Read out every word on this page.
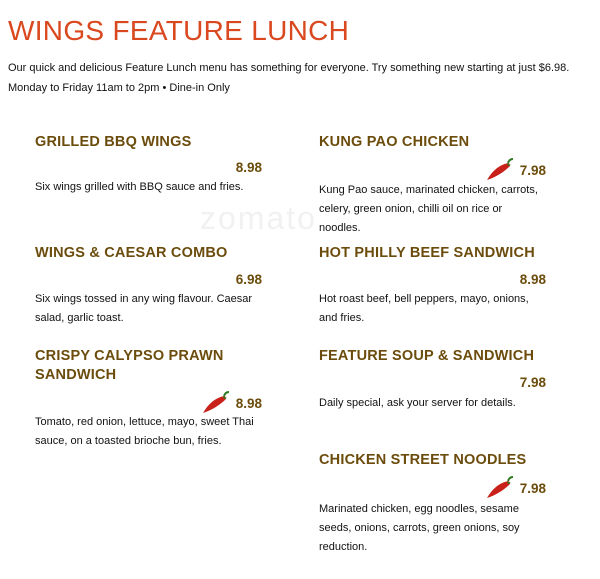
WINGS FEATURE LUNCH
Our quick and delicious Feature Lunch menu has something for everyone. Try something new starting at just $6.98.
Monday to Friday 11am to 2pm • Dine-in Only
zomato
GRILLED BBQ WINGS
8.98
Six wings grilled with BBQ sauce and fries.
WINGS & CAESAR COMBO
6.98
Six wings tossed in any wing flavour. Caesar
salad, garlic toast.
CRISPY CALYPSO PRAWN
SANDWICH
8.98
Tomato, red onion, lettuce, mayo, sweet Thai
sauce, on a toasted brioche bun, fries.
KUNG PAO CHICKEN
7.98
Kung Pao sauce, marinated chicken, carrots,
celery, green onion, chilli oil on rice or
noodles.
HOT PHILLY BEEF SANDWICH
8.98
Hot roast beef, bell peppers, mayo, onions,
and fries.
FEATURE SOUP & SANDWICH
7.98
Daily special, ask your server for details.
CHICKEN STREET NOODLES
7.98
Marinated chicken, egg noodles, sesame
seeds, onions, carrots, green onions, soy
reduction.
